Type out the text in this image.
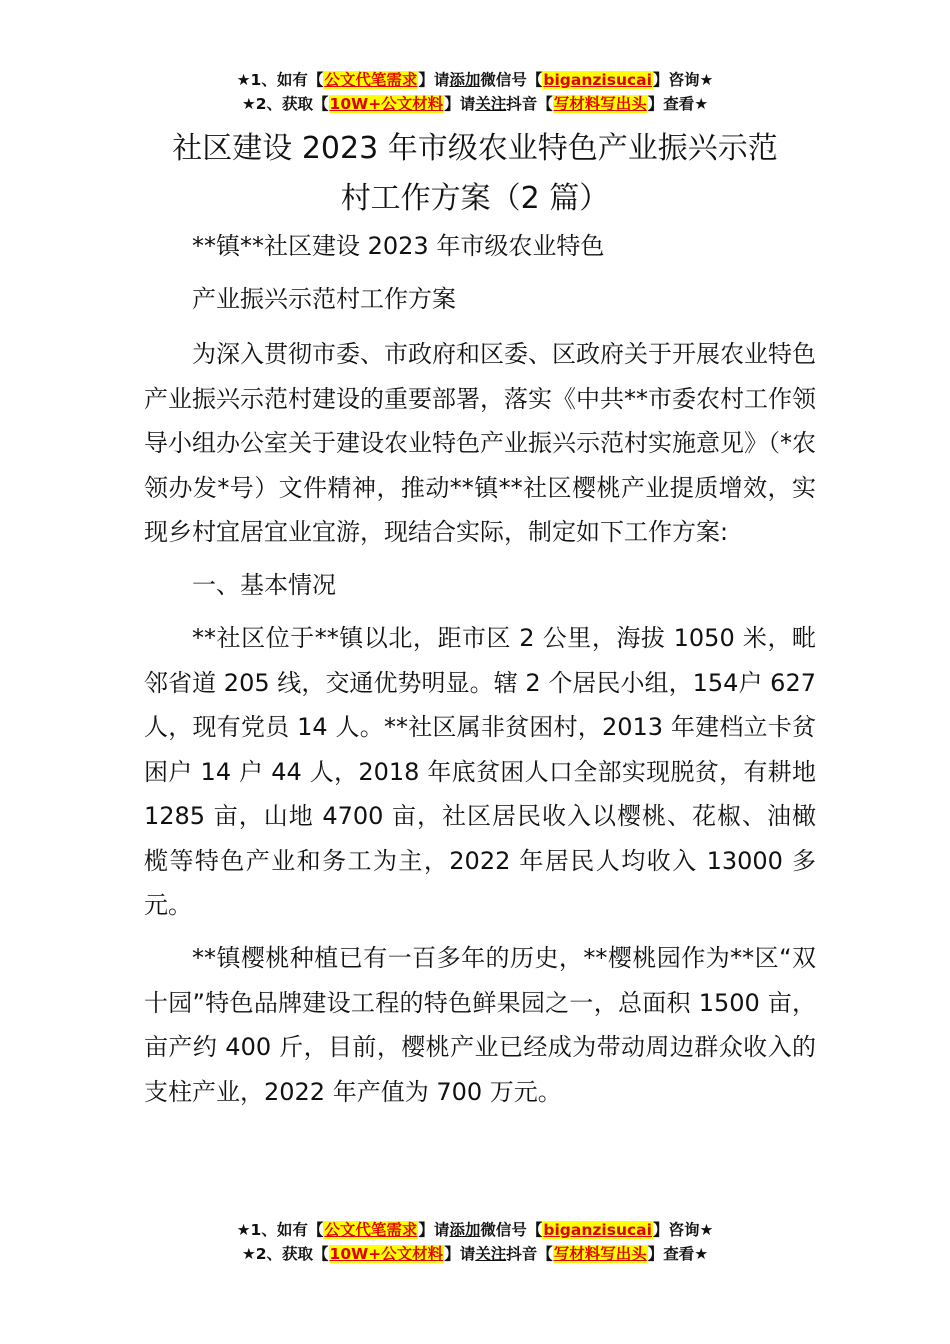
★1、如有【公文代笔需求】请添加微信号【biganzisucai】咨询★
★2、获取【10W+公文材料】请关注抖音【写材料写出头】查看★
社区建设 2023 年市级农业特色产业振兴示范
村工作方案（2 篇）

**镇**社区建设 2023 年市级农业特色

产业振兴示范村工作方案

为深入贯彻市委、市政府和区委、区政府关于开展农业特色产业振兴示范村建设的重要部署，落实《中共**市委农村工作领导小组办公室关于建设农业特色产业振兴示范村实施意见》（*农领办发*号）文件精神，推动**镇**社区樱桃产业提质增效，实现乡村宜居宜业宜游，现结合实际，制定如下工作方案:

一、基本情况

**社区位于**镇以北，距市区 2 公里，海拔 1050 米，毗邻省道 205 线，交通优势明显。辖 2 个居民小组，154户 627 人，现有党员 14 人。**社区属非贫困村，2013 年建档立卡贫困户 14 户 44 人，2018 年底贫困人口全部实现脱贫，有耕地 1285 亩，山地 4700 亩，社区居民收入以樱桃、花椒、油橄榄等特色产业和务工为主，2022 年居民人均收入 13000 多元。

**镇樱桃种植已有一百多年的历史，**樱桃园作为**区“双十园”特色品牌建设工程的特色鲜果园之一，总面积 1500 亩，亩产约 400 斤，目前，樱桃产业已经成为带动周边群众收入的支柱产业，2022 年产值为 700 万元。

★1、如有【公文代笔需求】请添加微信号【biganzisucai】咨询★
★2、获取【10W+公文材料】请关注抖音【写材料写出头】查看★
